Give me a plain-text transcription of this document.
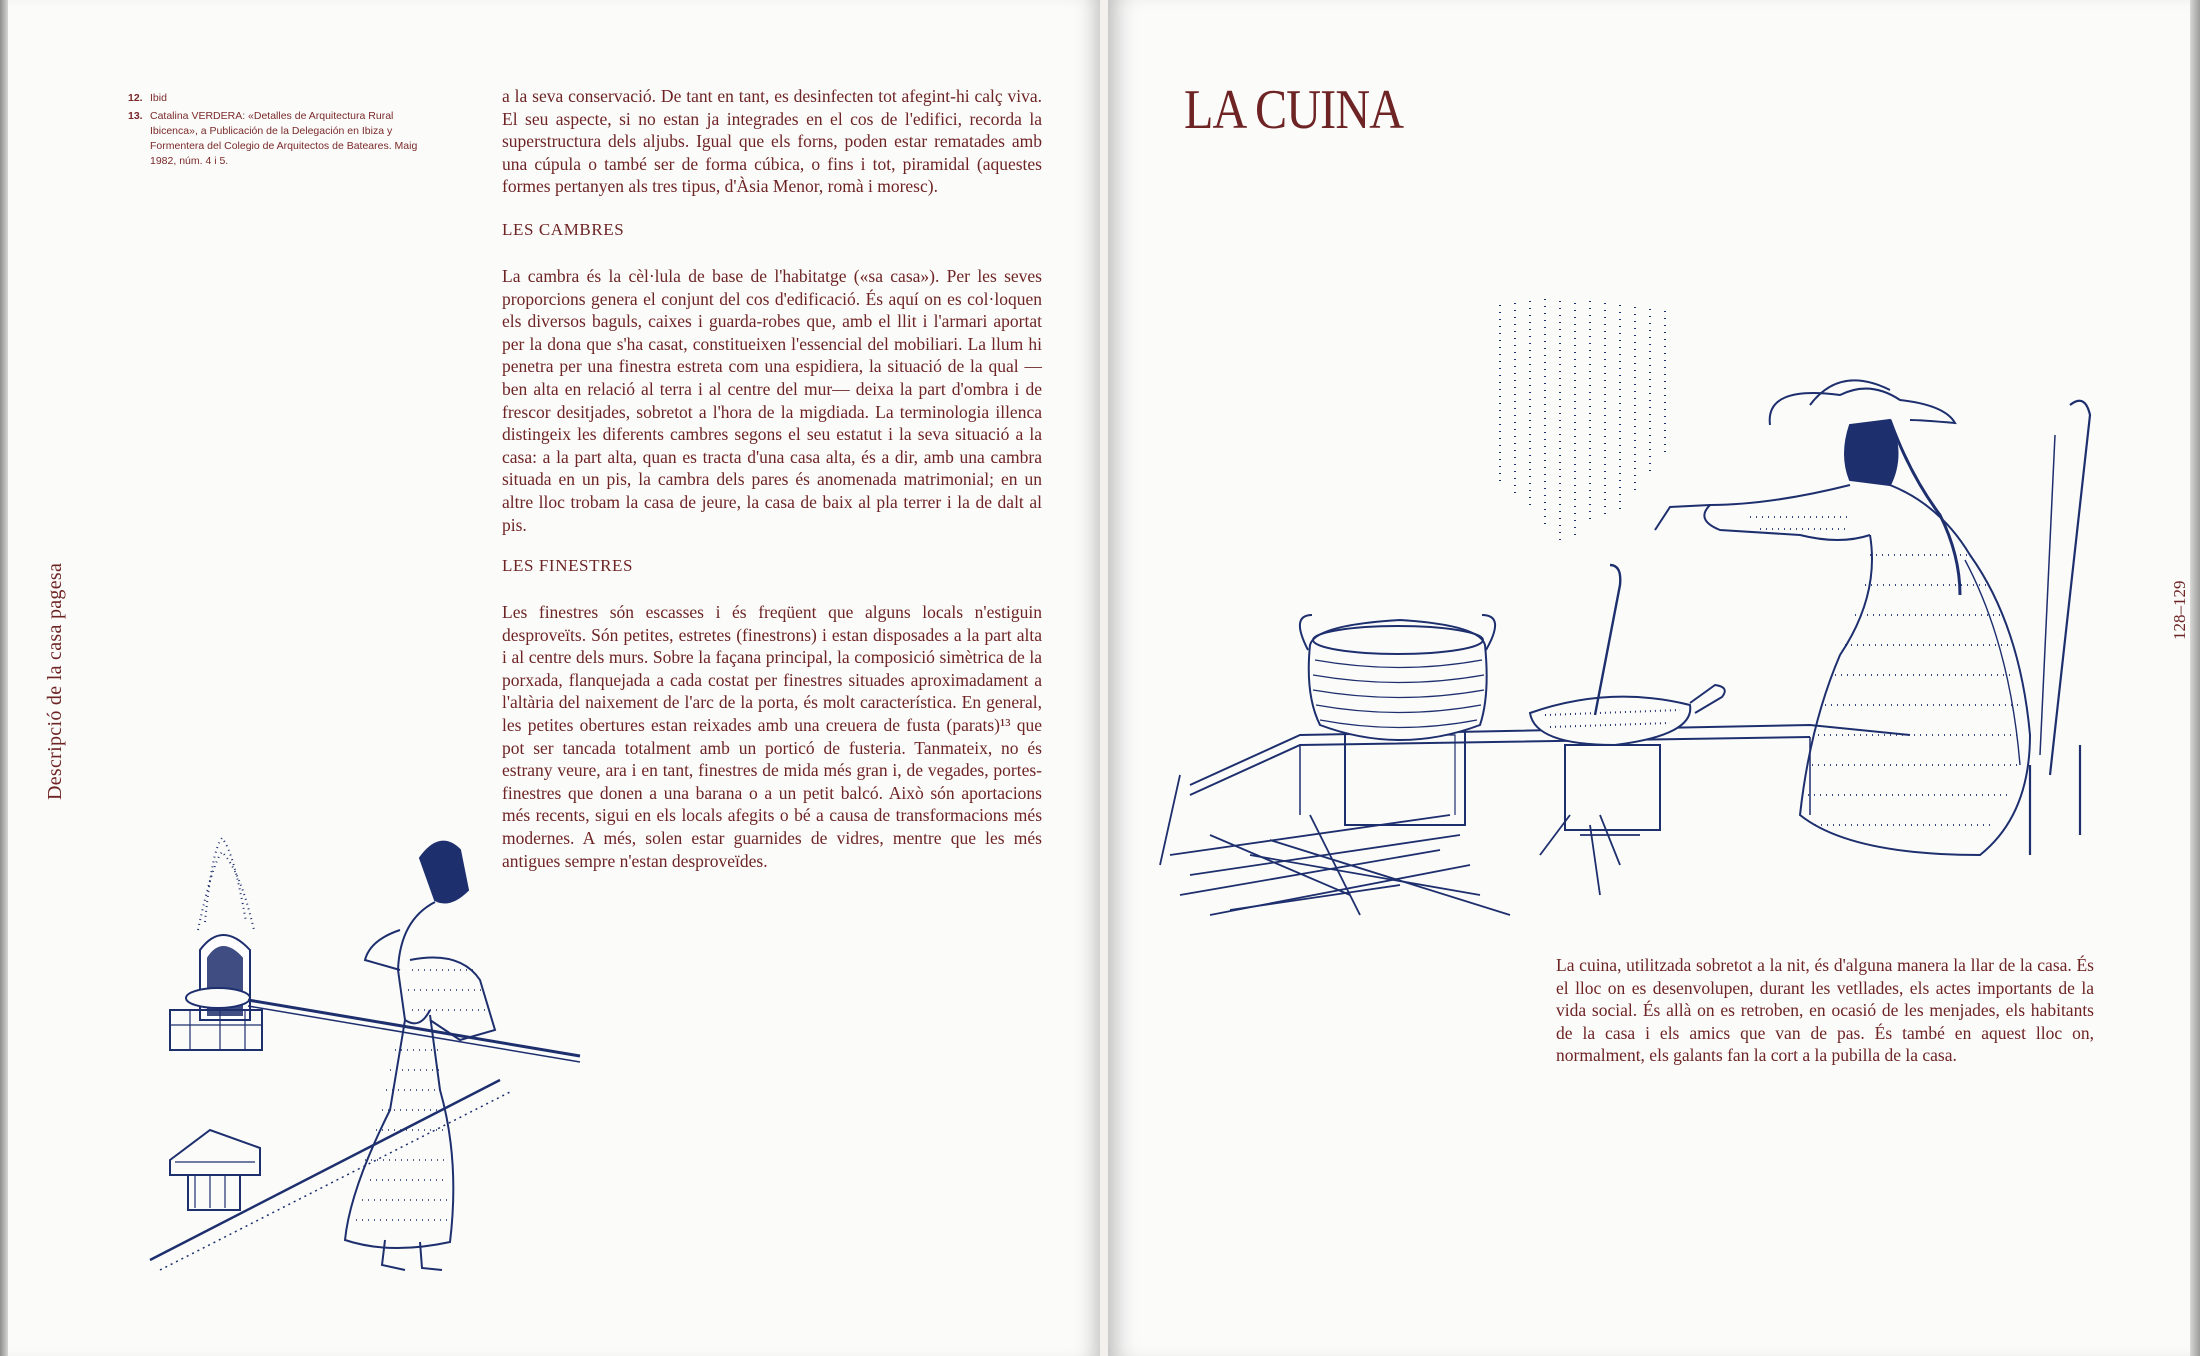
12. Ibid
13. Catalina VERDERA: «Detalles de Arquitectura Rural Ibicenca», a Publicación de la Delegación en Ibiza y Formentera del Colegio de Arquitectos de Bateares. Maig 1982, núm. 4 i 5.
Descripció de la casa pagesa

a la seva conservació. De tant en tant, es desinfecten tot afegint-hi calç viva. El seu aspecte, si no estan ja integrades en el cos de l'edifici, recorda la superstructura dels aljubs. Igual que els forns, poden estar rematades amb una cúpula o també ser de forma cúbica, o fins i tot, piramidal (aquestes formes pertanyen als tres tipus, d'Àsia Menor, romà i moresc).

LES CAMBRES

La cambra és la cèl·lula de base de l'habitatge («sa casa»). Per les seves proporcions genera el conjunt del cos d'edificació. És aquí on es col·loquen els diversos baguls, caixes i guarda-robes que, amb el llit i l'armari aportat per la dona que s'ha casat, constitueixen l'essencial del mobiliari. La llum hi penetra per una finestra estreta com una espidiera, la situació de la qual —ben alta en relació al terra i al centre del mur— deixa la part d'ombra i de frescor desitjades, sobretot a l'hora de la migdiada. La terminologia illenca distingeix les diferents cambres segons el seu estatut i la seva situació a la casa: a la part alta, quan es tracta d'una casa alta, és a dir, amb una cambra situada en un pis, la cambra dels pares és anomenada matrimonial; en un altre lloc trobam la casa de jeure, la casa de baix al pla terrer i la de dalt al pis.

LES FINESTRES

Les finestres són escasses i és freqüent que alguns locals n'estiguin desproveïts. Són petites, estretes (finestrons) i estan disposades a la part alta i al centre dels murs. Sobre la façana principal, la composició simètrica de la porxada, flanquejada a cada costat per finestres situades aproximadament a l'altària del naixement de l'arc de la porta, és molt característica. En general, les petites obertures estan reixades amb una creuera de fusta (parats)¹³ que pot ser tancada totalment amb un porticó de fusteria. Tanmateix, no és estrany veure, ara i en tant, finestres de mida més gran i, de vegades, portes-finestres que donen a una barana o a un petit balcó. Això són aportacions més recents, sigui en els locals afegits o bé a causa de transformacions més modernes. A més, solen estar guarnides de vidres, mentre que les més antigues sempre n'estan desproveïdes.

LA CUINA
La cuina, utilitzada sobretot a la nit, és d'alguna manera la llar de la casa. És el lloc on es desenvolupen, durant les vetllades, els actes importants de la vida social. És allà on es retroben, en ocasió de les menjades, els habitants de la casa i els amics que van de pas. És també en aquest lloc on, normalment, els galants fan la cort a la pubilla de la casa.
128–129
